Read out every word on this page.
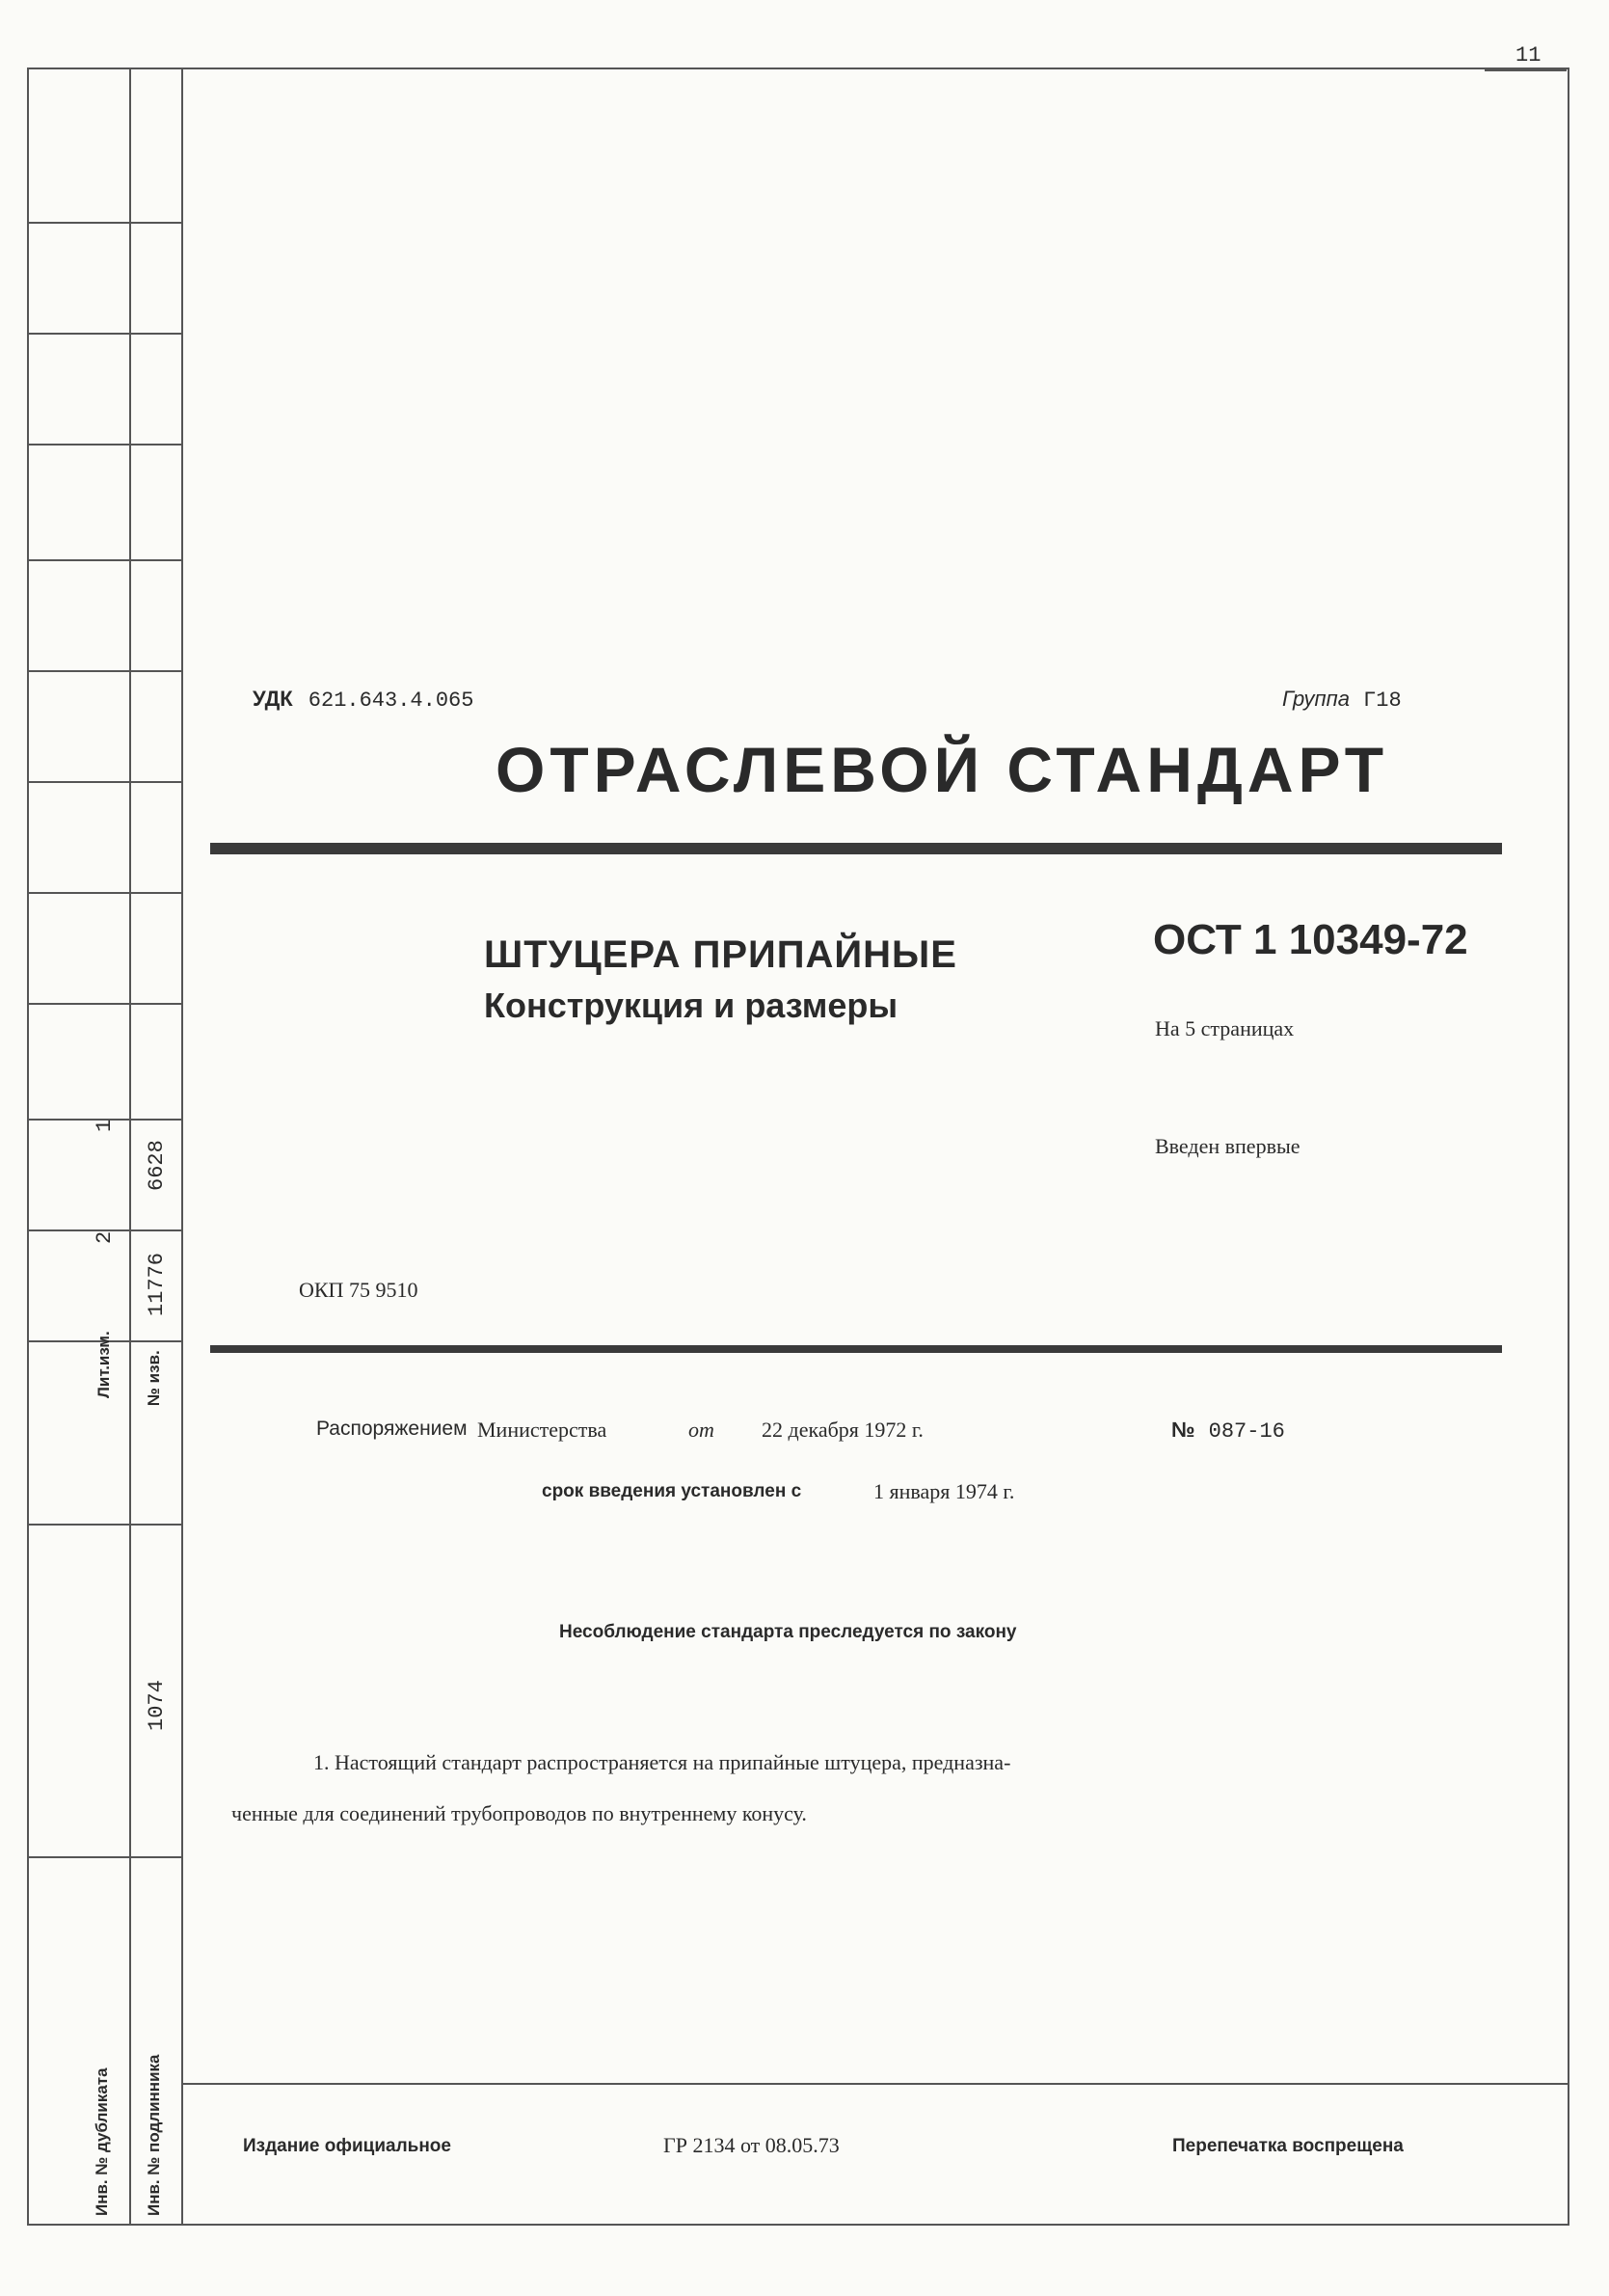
1
2
Лит.изм.
6628
11776
№ изв.
1074
Инв. № дубликата Инв. № подлинника
11
УДК 621.643.4.065	Группа Г18
ОТРАСЛЕВОЙ СТАНДАРТ
ШТУЦЕРА ПРИПАЙНЫЕ
Конструкция и размеры
ОСТ 1 10349-72
На 5 страницах
Введен впервые
ОКП 75 9510
Распоряжением Министерства	от 22 декабря 1972 г.	№ 087-16
срок введения установлен с	1 января 1974 г.
Несоблюдение стандарта преследуется по закону
1. Настоящий стандарт распространяется на припайные штуцера, предназна-
ченные для соединений трубопроводов по внутреннему конусу.
Издание официальное	ГР 2134 от 08.05.73	Перепечатка воспрещена
